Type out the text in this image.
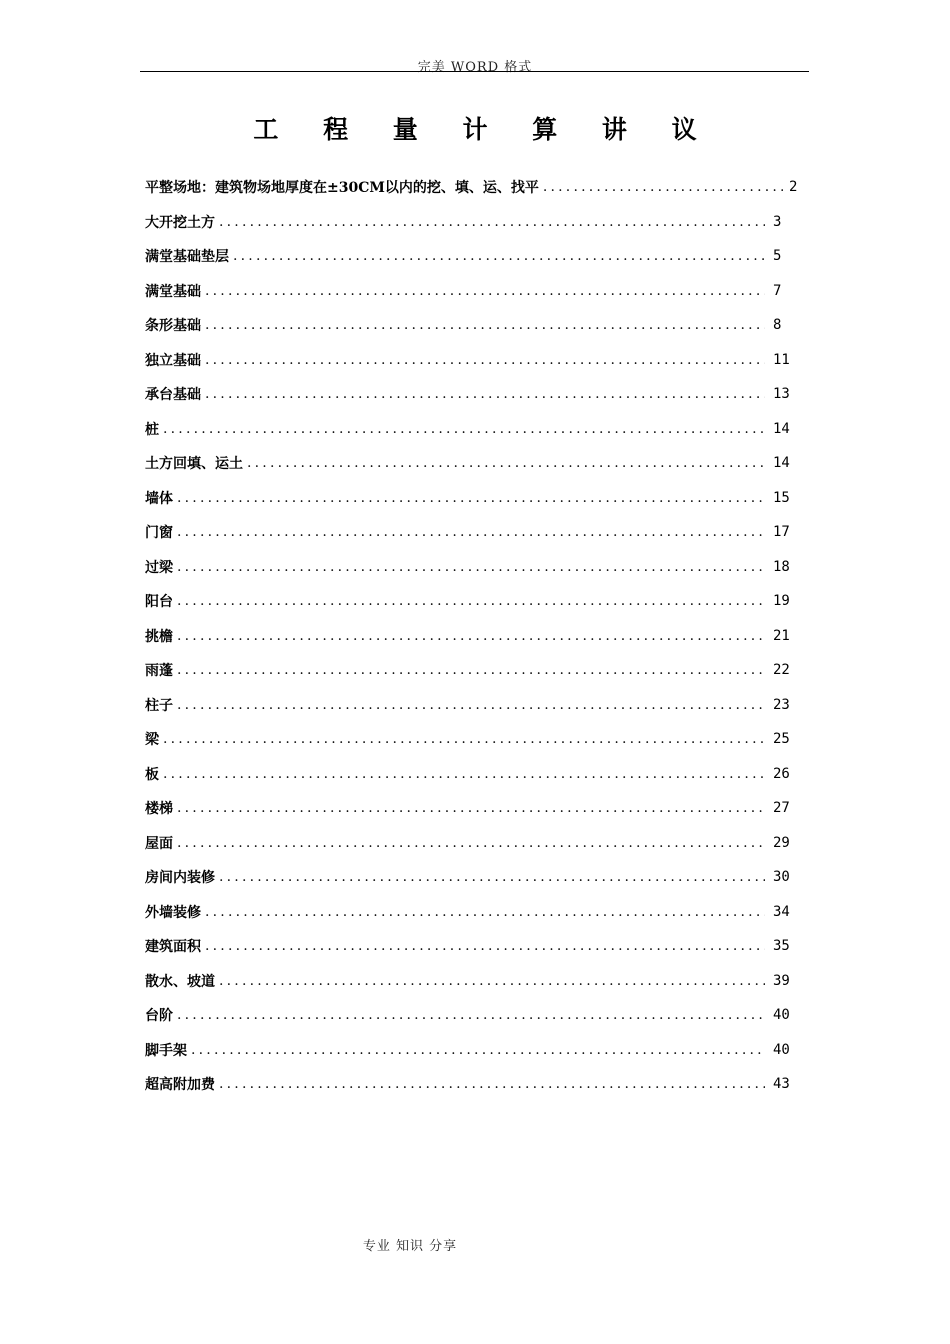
完美 WORD 格式
工 程 量 计 算 讲 议
平整场地：建筑物场地厚度在±30CM以内的挖、填、运、找平 .....	2
大开挖土方 .....	3
满堂基础垫层 .....	5
满堂基础 .....	7
条形基础 .....	8
独立基础 .....	11
承台基础 .....	13
桩 .....	14
土方回填、运土 .....	14
墙体 .....	15
门窗 .....	17
过梁 .....	18
阳台 .....	19
挑檐 .....	21
雨蓬 .....	22
柱子 .....	23
梁 .....	25
板 .....	26
楼梯 .....	27
屋面 .....	29
房间内装修 .....	30
外墙装修 .....	34
建筑面积 .....	35
散水、坡道 .....	39
台阶 .....	40
脚手架 .....	40
超高附加费 .....	43
专业 知识 分享
